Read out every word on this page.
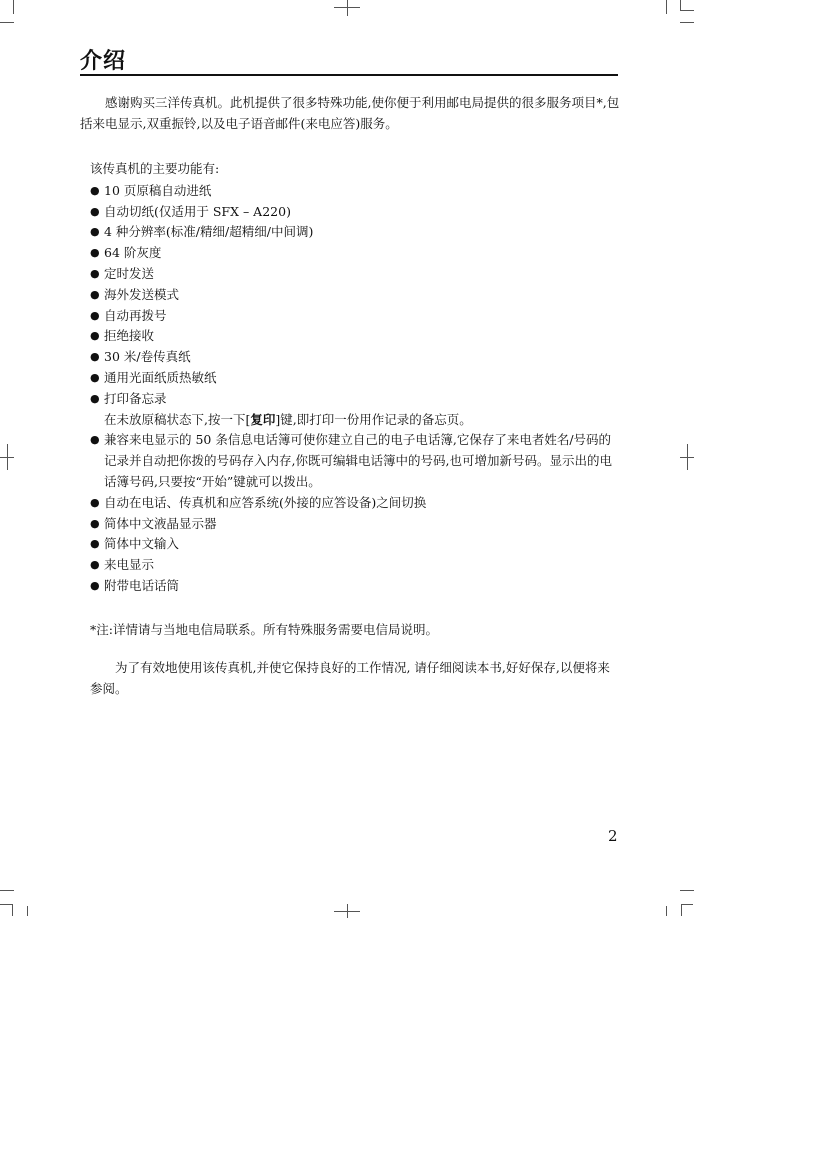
介绍

感谢购买三洋传真机。此机提供了很多特殊功能,使你便于利用邮电局提供的很多服务项目*,包括来电显示,双重振铃,以及电子语音邮件(来电应答)服务。

该传真机的主要功能有:

● 10 页原稿自动进纸
● 自动切纸(仅适用于 SFX – A220)
● 4 种分辨率(标准/精细/超精细/中间调)
● 64 阶灰度
● 定时发送
● 海外发送模式
● 自动再拨号
● 拒绝接收
● 30 米/卷传真纸
● 通用光面纸质热敏纸
● 打印备忘录
在未放原稿状态下,按一下[复印]键,即打印一份用作记录的备忘页。
● 兼容来电显示的 50 条信息电话簿可使你建立自己的电子电话簿,它保存了来电者姓名/号码的记录并自动把你拨的号码存入内存,你既可编辑电话簿中的号码,也可增加新号码。显示出的电话簿号码,只要按“开始”键就可以拨出。
● 自动在电话、传真机和应答系统(外接的应答设备)之间切换
● 简体中文液晶显示器
● 简体中文输入
● 来电显示
● 附带电话话筒
*注:详情请与当地电信局联系。所有特殊服务需要电信局说明。

为了有效地使用该传真机,并使它保持良好的工作情况, 请仔细阅读本书,好好保存,以便将来参阅。

2
